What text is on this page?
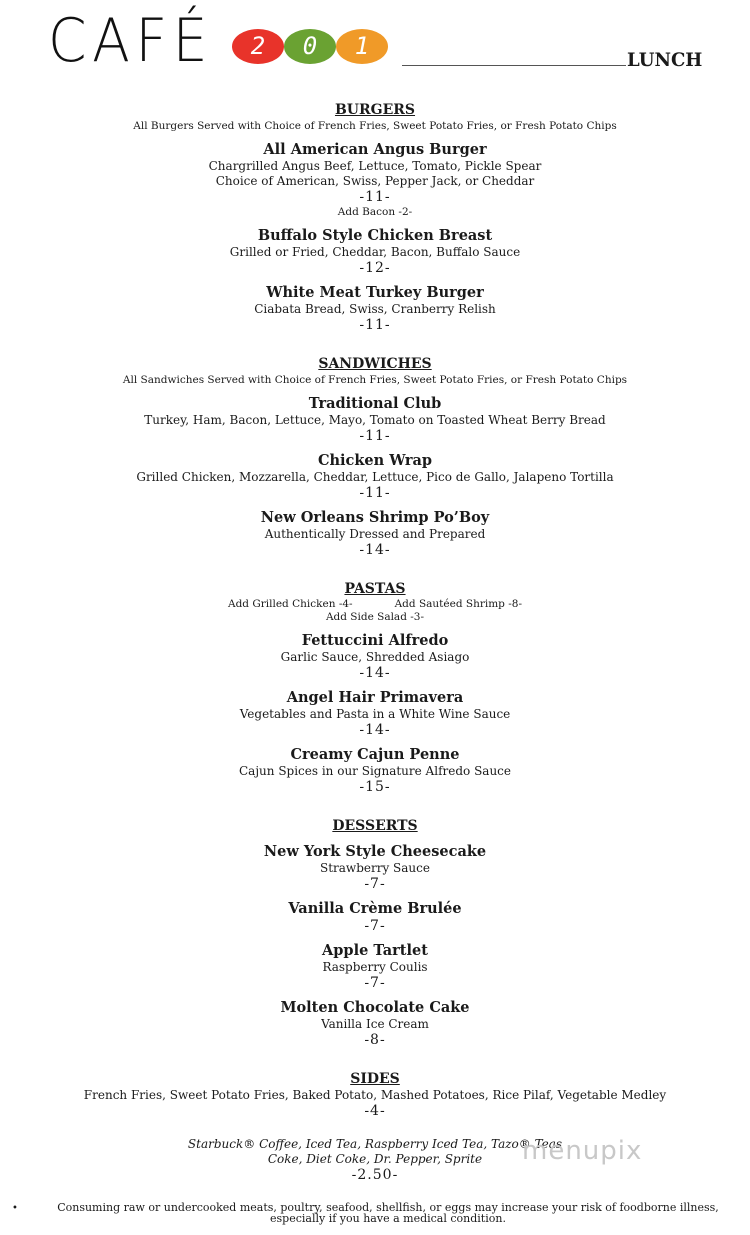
CAFÉ	2	0	1	LUNCH
BURGERS
All Burgers Served with Choice of French Fries, Sweet Potato Fries, or Fresh Potato Chips
All American Angus Burger
Chargrilled Angus Beef, Lettuce, Tomato, Pickle Spear
Choice of American, Swiss, Pepper Jack, or Cheddar
-11-
Add Bacon -2-
Buffalo Style Chicken Breast
Grilled or Fried, Cheddar, Bacon, Buffalo Sauce
-12-
White Meat Turkey Burger
Ciabata Bread, Swiss, Cranberry Relish
-11-
SANDWICHES
All Sandwiches Served with Choice of French Fries, Sweet Potato Fries, or Fresh Potato Chips
Traditional Club
Turkey, Ham, Bacon, Lettuce, Mayo, Tomato on Toasted Wheat Berry Bread
-11-
Chicken Wrap
Grilled Chicken, Mozzarella, Cheddar, Lettuce, Pico de Gallo, Jalapeno Tortilla
-11-
New Orleans Shrimp Po’Boy
Authentically Dressed and Prepared
-14-
PASTAS
Add Grilled Chicken -4-	Add Sautéed Shrimp -8-
Add Side Salad -3-
Fettuccini Alfredo
Garlic Sauce, Shredded Asiago
-14-
Angel Hair Primavera
Vegetables and Pasta in a White Wine Sauce
-14-
Creamy Cajun Penne
Cajun Spices in our Signature Alfredo Sauce
-15-
DESSERTS
New York Style Cheesecake
Strawberry Sauce
-7-
Vanilla Crème Brulée
-7-
Apple Tartlet
Raspberry Coulis
-7-
Molten Chocolate Cake
Vanilla Ice Cream
-8-
SIDES
French Fries, Sweet Potato Fries, Baked Potato, Mashed Potatoes, Rice Pilaf, Vegetable Medley
-4-
Starbuck® Coffee, Iced Tea, Raspberry Iced Tea, Tazo® Teas
Coke, Diet Coke, Dr. Pepper, Sprite
-2.50-
menupix
•	Consuming raw or undercooked meats, poultry, seafood, shellfish, or eggs may increase your risk of foodborne illness, especially if you have a medical condition.
